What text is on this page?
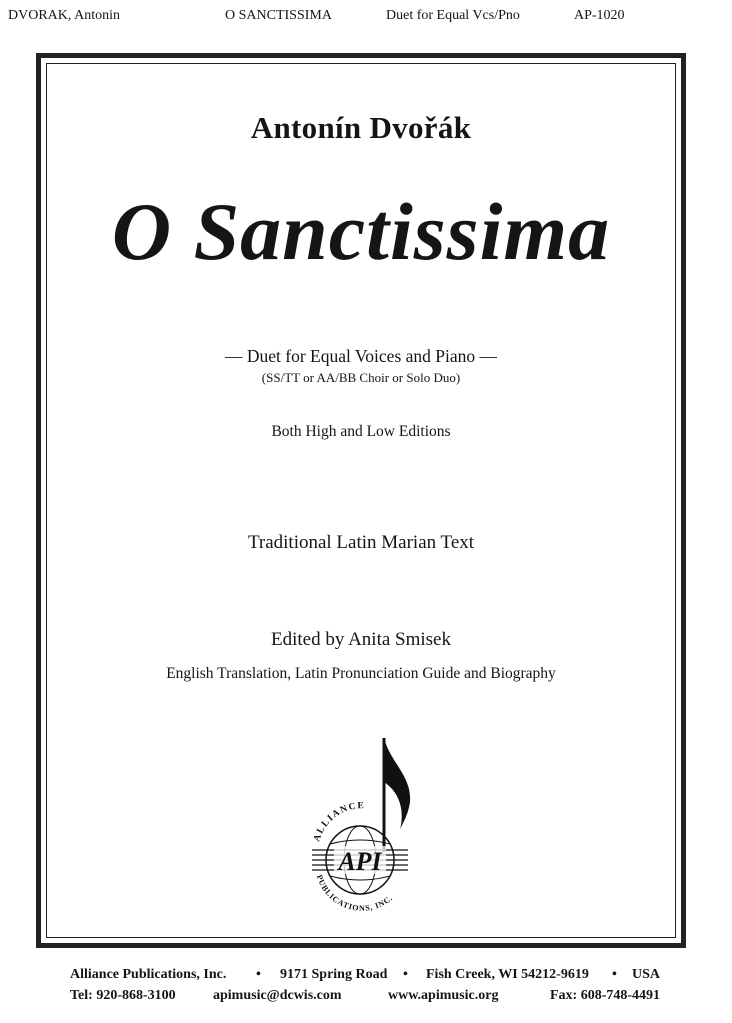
DVORAK, Antonin	O SANCTISSIMA	Duet for Equal Vcs/Pno	AP-1020
Antonín Dvořák
O Sanctissima
— Duet for Equal Voices and Piano —
(SS/TT or AA/BB Choir or Solo Duo)
Both High and Low Editions
Traditional Latin Marian Text
Edited by Anita Smisek
English Translation, Latin Pronunciation Guide and Biography
API
ALLIANCE
PUBLICATIONS, INC.
Alliance Publications, Inc. • 9171 Spring Road • Fish Creek, WI 54212-9619 • USA
Tel: 920-868-3100	apimusic@dcwis.com	www.apimusic.org	Fax: 608-748-4491
